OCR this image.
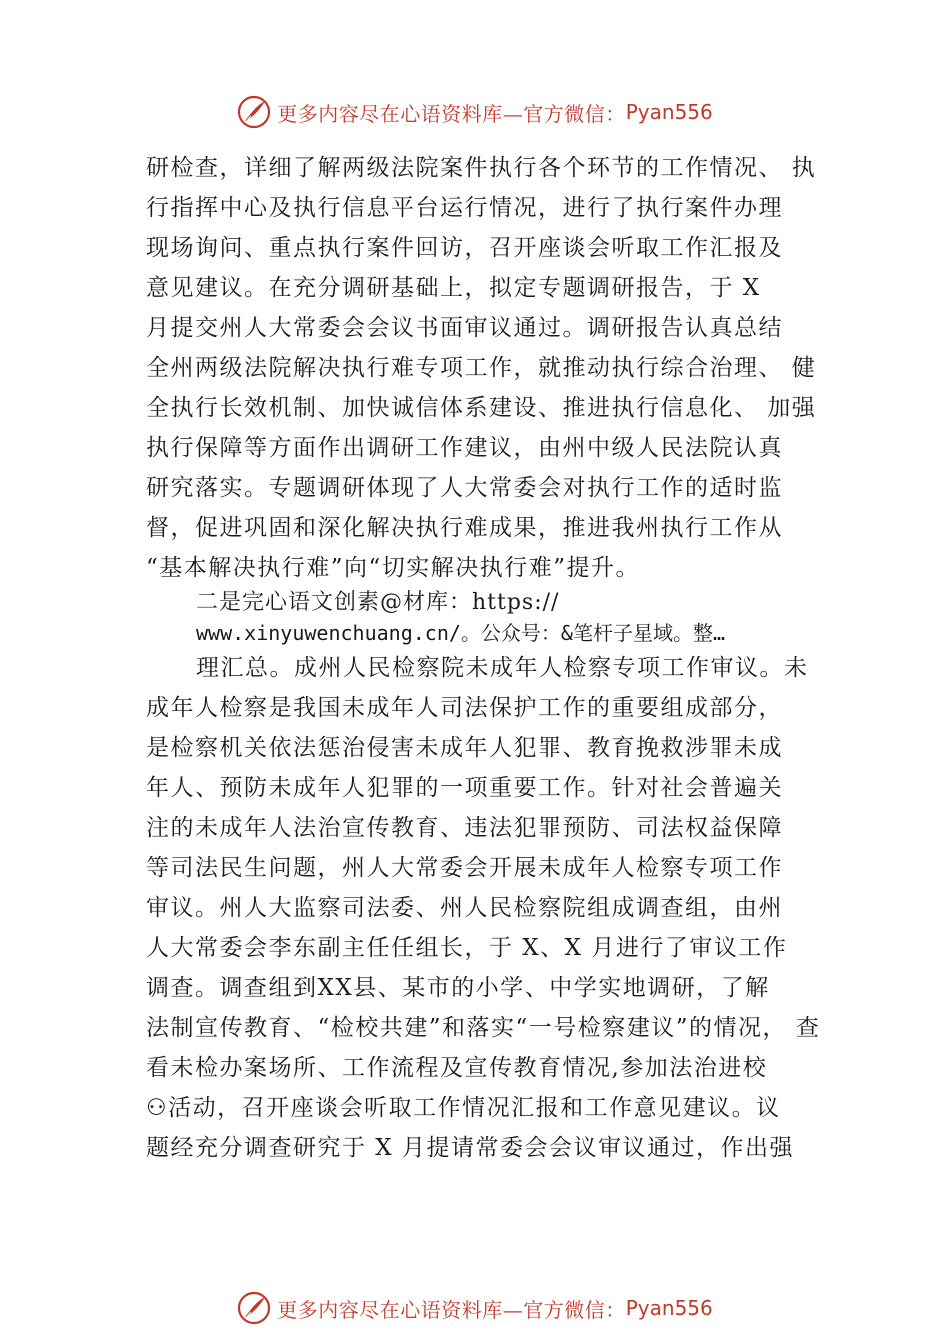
更多内容尽在心语资料库—官方微信： Pyan556
研检查，详细了解两级法院案件执行各个环节的工作情况、 执
行指挥中心及执行信息平台运行情况，进行了执行案件办理
现场询问、重点执行案件回访，召开座谈会听取工作汇报及
意见建议。在充分调研基础上，拟定专题调研报告，于 X
月提交州人大常委会会议书面审议通过。调研报告认真总结
全州两级法院解决执行难专项工作，就推动执行综合治理、 健
全执行长效机制、加快诚信体系建设、推进执行信息化、 加强
执行保障等方面作出调研工作建议，由州中级人民法院认真
研究落实。专题调研体现了人大常委会对执行工作的适时监
督，促进巩固和深化解决执行难成果，推进我州执行工作从
“基本解决执行难”向“切实解决执行难”提升。
二是完心语文创素@材库：https://
www.xinyuwenchuang.cn/。公众号：&笔杆子星域。整…
理汇总。成州人民检察院未成年人检察专项工作审议。未
成年人检察是我国未成年人司法保护工作的重要组成部分，
是检察机关依法惩治侵害未成年人犯罪、教育挽救涉罪未成
年人、预防未成年人犯罪的一项重要工作。针对社会普遍关
注的未成年人法治宣传教育、违法犯罪预防、司法权益保障
等司法民生问题，州人大常委会开展未成年人检察专项工作
审议。州人大监察司法委、州人民检察院组成调查组，由州
人大常委会李东副主任任组长，于 X、X 月进行了审议工作
调查。调查组到XX县、某市的小学、中学实地调研，了解
法制宣传教育、“检校共建”和落实“一号检察建议”的情况， 查
看未检办案场所、工作流程及宣传教育情况,参加法治进校
⚇活动，召开座谈会听取工作情况汇报和工作意见建议。议
题经充分调查研究于 X 月提请常委会会议审议通过，作出强
更多内容尽在心语资料库—官方微信： Pyan556
